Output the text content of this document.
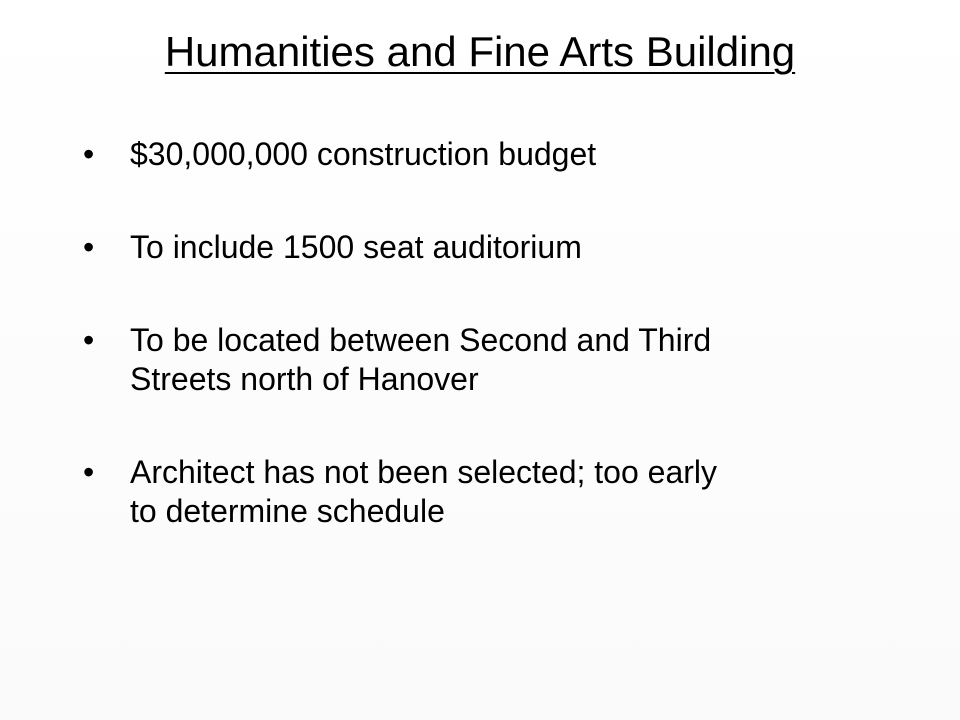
Humanities and Fine Arts Building
•	$30,000,000 construction budget
•	To include 1500 seat auditorium
•	To be located between Second and Third
Streets north of Hanover
•	Architect has not been selected; too early
to determine schedule
